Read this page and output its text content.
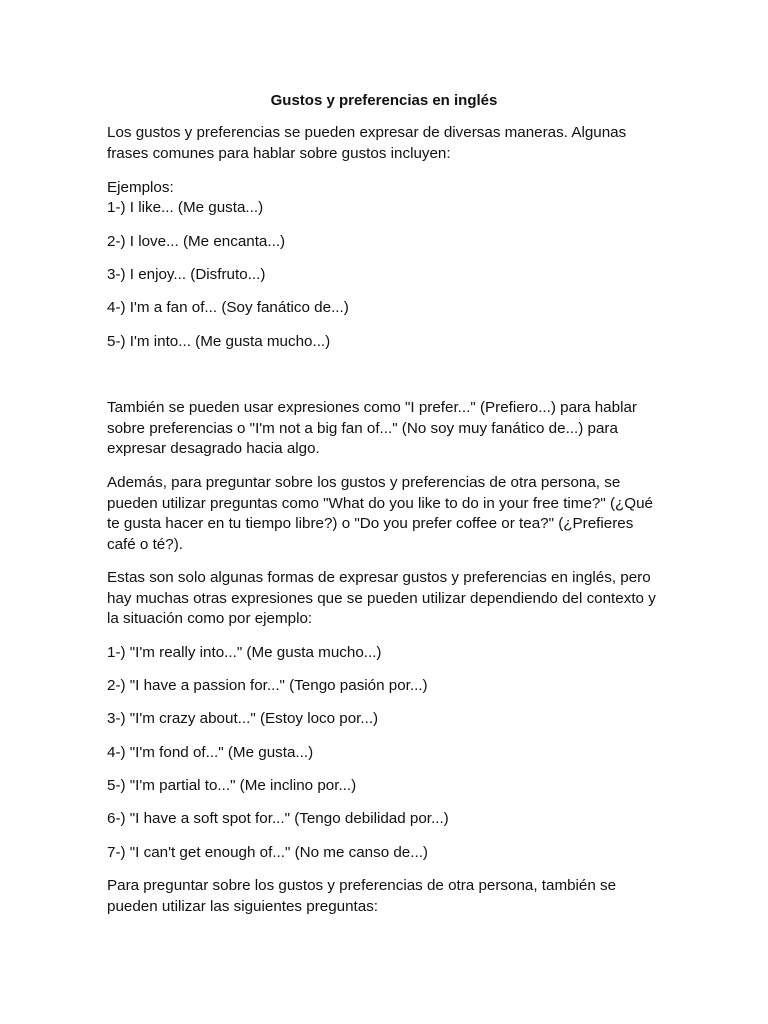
Gustos y preferencias en inglés
Los gustos y preferencias se pueden expresar de diversas maneras. Algunas
frases comunes para hablar sobre gustos incluyen:
Ejemplos:
1-) I like... (Me gusta...)
2-) I love... (Me encanta...)
3-) I enjoy... (Disfruto...)
4-) I'm a fan of... (Soy fanático de...)
5-) I'm into... (Me gusta mucho...)
También se pueden usar expresiones como "I prefer..." (Prefiero...) para hablar
sobre preferencias o "I'm not a big fan of..." (No soy muy fanático de...) para
expresar desagrado hacia algo.
Además, para preguntar sobre los gustos y preferencias de otra persona, se
pueden utilizar preguntas como "What do you like to do in your free time?" (¿Qué
te gusta hacer en tu tiempo libre?) o "Do you prefer coffee or tea?" (¿Prefieres
café o té?).
Estas son solo algunas formas de expresar gustos y preferencias en inglés, pero
hay muchas otras expresiones que se pueden utilizar dependiendo del contexto y
la situación como por ejemplo:
1-) "I'm really into..." (Me gusta mucho...)
2-) "I have a passion for..." (Tengo pasión por...)
3-) "I'm crazy about..." (Estoy loco por...)
4-) "I'm fond of..." (Me gusta...)
5-) "I'm partial to..." (Me inclino por...)
6-) "I have a soft spot for..." (Tengo debilidad por...)
7-) "I can't get enough of..." (No me canso de...)
Para preguntar sobre los gustos y preferencias de otra persona, también se
pueden utilizar las siguientes preguntas:
